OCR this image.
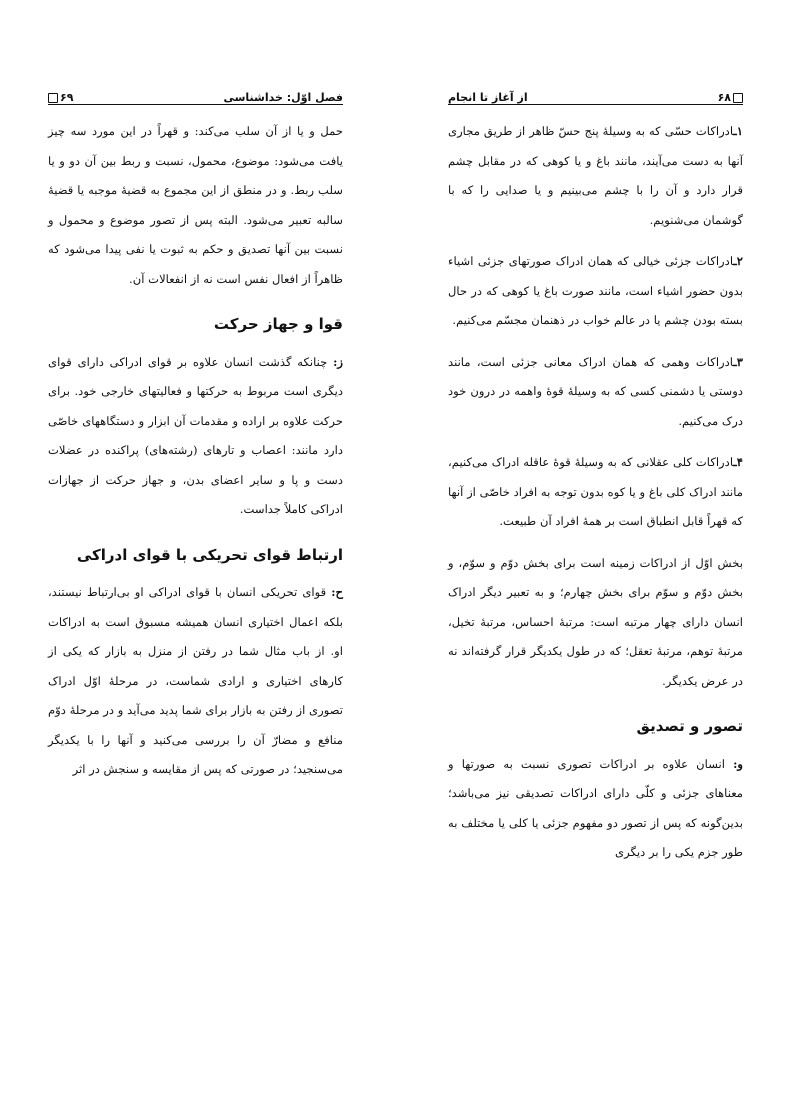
فصل اوّل: خداشناسی
۶۹

حمل و یا از آن سلب می‌کند: و قهراً در این مورد سه چیز یافت می‌شود: موضوع، محمول، نسبت و ربط بین آن دو و یا سلب ربط. و در منطق از این مجموع به قضیهٔ موجبه یا قضیهٔ سالبه تعبیر می‌شود. البته پس از تصور موضوع و محمول و نسبت بین آنها تصدیق و حکم به ثبوت یا نفی پیدا می‌شود که ظاهراً از افعال نفس است نه از انفعالات آن.

قوا و جهاز حرکت

ز: چنانکه گذشت انسان علاوه بر قوای ادراکی دارای قوای دیگری است مربوط به حرکتها و فعالیتهای خارجی خود. برای حرکت علاوه بر اراده و مقدمات آن ابزار و دستگاههای خاصّی دارد مانند: اعصاب و تارهای (رشته‌های) پراکنده در عضلات دست و پا و سایر اعضای بدن، و جهاز حرکت از جهازات ادراکی کاملاً جداست.

ارتباط قوای تحریکی با قوای ادراکی

ح: قوای تحریکی انسان با قوای ادراکی او بی‌ارتباط نیستند، بلکه اعمال اختیاری انسان همیشه مسبوق است به ادراکات او. از باب مثال شما در رفتن از منزل به بازار که یکی از کارهای اختیاری و ارادی شماست، در مرحلهٔ اوّل ادراک تصوری از رفتن به بازار برای شما پدید می‌آید و در مرحلهٔ دوّم منافع و مضارّ آن را بررسی می‌کنید و آنها را با یکدیگر می‌سنجید؛ در صورتی که پس از مقایسه و سنجش در اثر

۶۸
از آغاز تا انجام

۱ـادراکات حسّی که به وسیلهٔ پنج حسّ ظاهر از طریق مجاری آنها به دست می‌آیند، مانند باغ و یا کوهی که در مقابل چشم قرار دارد و آن را با چشم می‌بینیم و یا صدایی را که با گوشمان می‌شنویم.

۲ـادراکات جزئی خیالی که همان ادراک صورتهای جزئی اشیاء بدون حضور اشیاء است، مانند صورت باغ یا کوهی که در حال بسته بودن چشم یا در عالم خواب در ذهنمان مجسّم می‌کنیم.

۳ـادراکات وهمی که همان ادراک معانی جزئی است، مانند دوستی یا دشمنی کسی که به وسیلهٔ قوهٔ واهمه در درون خود درک می‌کنیم.

۴ـادراکات کلی عقلانی که به وسیلهٔ قوهٔ عاقله ادراک می‌کنیم، مانند ادراک کلی باغ و یا کوه بدون توجه به افراد خاصّی از آنها که قهراً قابل انطباق است بر همهٔ افراد آن طبیعت.

بخش اوّل از ادراکات زمینه است برای بخش دوّم و سوّم، و بخش دوّم و سوّم برای بخش چهارم؛ و به تعبیر دیگر ادراک انسان دارای چهار مرتبه است: مرتبهٔ احساس، مرتبهٔ تخیل، مرتبهٔ توهم، مرتبهٔ تعقل؛ که در طول یکدیگر قرار گرفته‌اند نه در عرض یکدیگر.

تصور و تصدیق

و: انسان علاوه بر ادراکات تصوری نسبت به صورتها و معناهای جزئی و کلّی دارای ادراکات تصدیقی نیز می‌باشد؛ بدین‌گونه که پس از تصور دو مفهوم جزئی یا کلی یا مختلف به طور جزم یکی را بر دیگری
